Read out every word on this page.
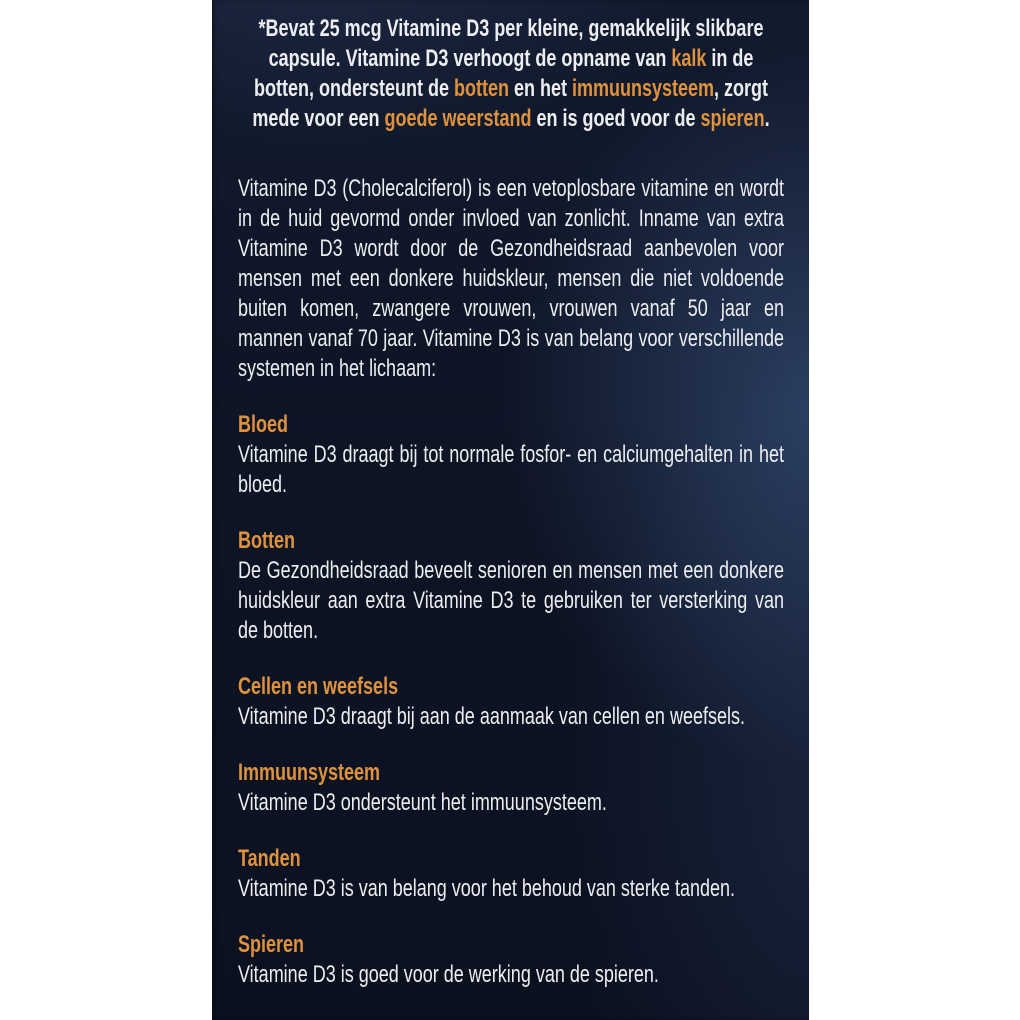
*Bevat 25 mcg Vitamine D3 per kleine, gemakkelijk slikbare capsule. Vitamine D3 verhoogt de opname van kalk in de botten, ondersteunt de botten en het immuunsysteem, zorgt mede voor een goede weerstand en is goed voor de spieren.

Vitamine D3 (Cholecalciferol) is een vetoplosbare vitamine en wordt in de huid gevormd onder invloed van zonlicht. Inname van extra Vitamine D3 wordt door de Gezondheidsraad aanbevolen voor mensen met een donkere huidskleur, mensen die niet voldoende buiten komen, zwangere vrouwen, vrouwen vanaf 50 jaar en mannen vanaf 70 jaar. Vitamine D3 is van belang voor verschillende systemen in het lichaam:

Bloed

Vitamine D3 draagt bij tot normale fosfor- en calciumgehalten in het bloed.

Botten

De Gezondheidsraad beveelt senioren en mensen met een donkere huidskleur aan extra Vitamine D3 te gebruiken ter versterking van de botten.

Cellen en weefsels

Vitamine D3 draagt bij aan de aanmaak van cellen en weefsels.

Immuunsysteem

Vitamine D3 ondersteunt het immuunsysteem.

Tanden

Vitamine D3 is van belang voor het behoud van sterke tanden.

Spieren

Vitamine D3 is goed voor de werking van de spieren.
